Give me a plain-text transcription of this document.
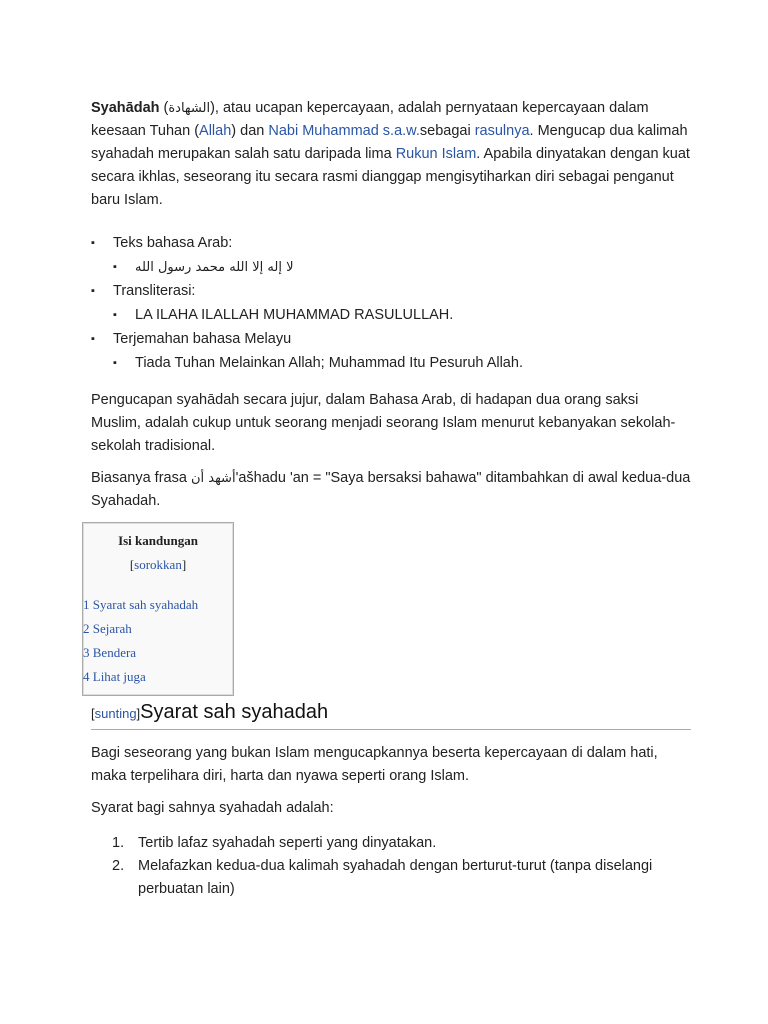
Syahādah (الشهادة), atau ucapan kepercayaan, adalah pernyataan kepercayaan dalam keesaan Tuhan (Allah) dan Nabi Muhammad s.a.w.sebagai rasulnya. Mengucap dua kalimah syahadah merupakan salah satu daripada lima Rukun Islam. Apabila dinyatakan dengan kuat secara ikhlas, seseorang itu secara rasmi dianggap mengisytiharkan diri sebagai penganut baru Islam.

▪ Teks bahasa Arab:
▪ لا إله إلا الله محمد رسول الله
▪ Transliterasi:
▪ LA ILAHA ILALLAH MUHAMMAD RASULULLAH.
▪ Terjemahan bahasa Melayu
▪ Tiada Tuhan Melainkan Allah; Muhammad Itu Pesuruh Allah.

Pengucapan syahādah secara jujur, dalam Bahasa Arab, di hadapan dua orang saksi Muslim, adalah cukup untuk seorang menjadi seorang Islam menurut kebanyakan sekolah-sekolah tradisional.

Biasanya frasa أشهد أن'ašhadu 'an = "Saya bersaksi bahawa" ditambahkan di awal kedua-dua Syahadah.

Isi kandungan
[sorokkan]
1 Syarat sah syahadah
2 Sejarah
3 Bendera
4 Lihat juga
[sunting]Syarat sah syahadah

Bagi seseorang yang bukan Islam mengucapkannya beserta kepercayaan di dalam hati, maka terpelihara diri, harta dan nyawa seperti orang Islam.

Syarat bagi sahnya syahadah adalah:

1. Tertib lafaz syahadah seperti yang dinyatakan.
2. Melafazkan kedua-dua kalimah syahadah dengan berturut-turut (tanpa diselangi perbuatan lain)
